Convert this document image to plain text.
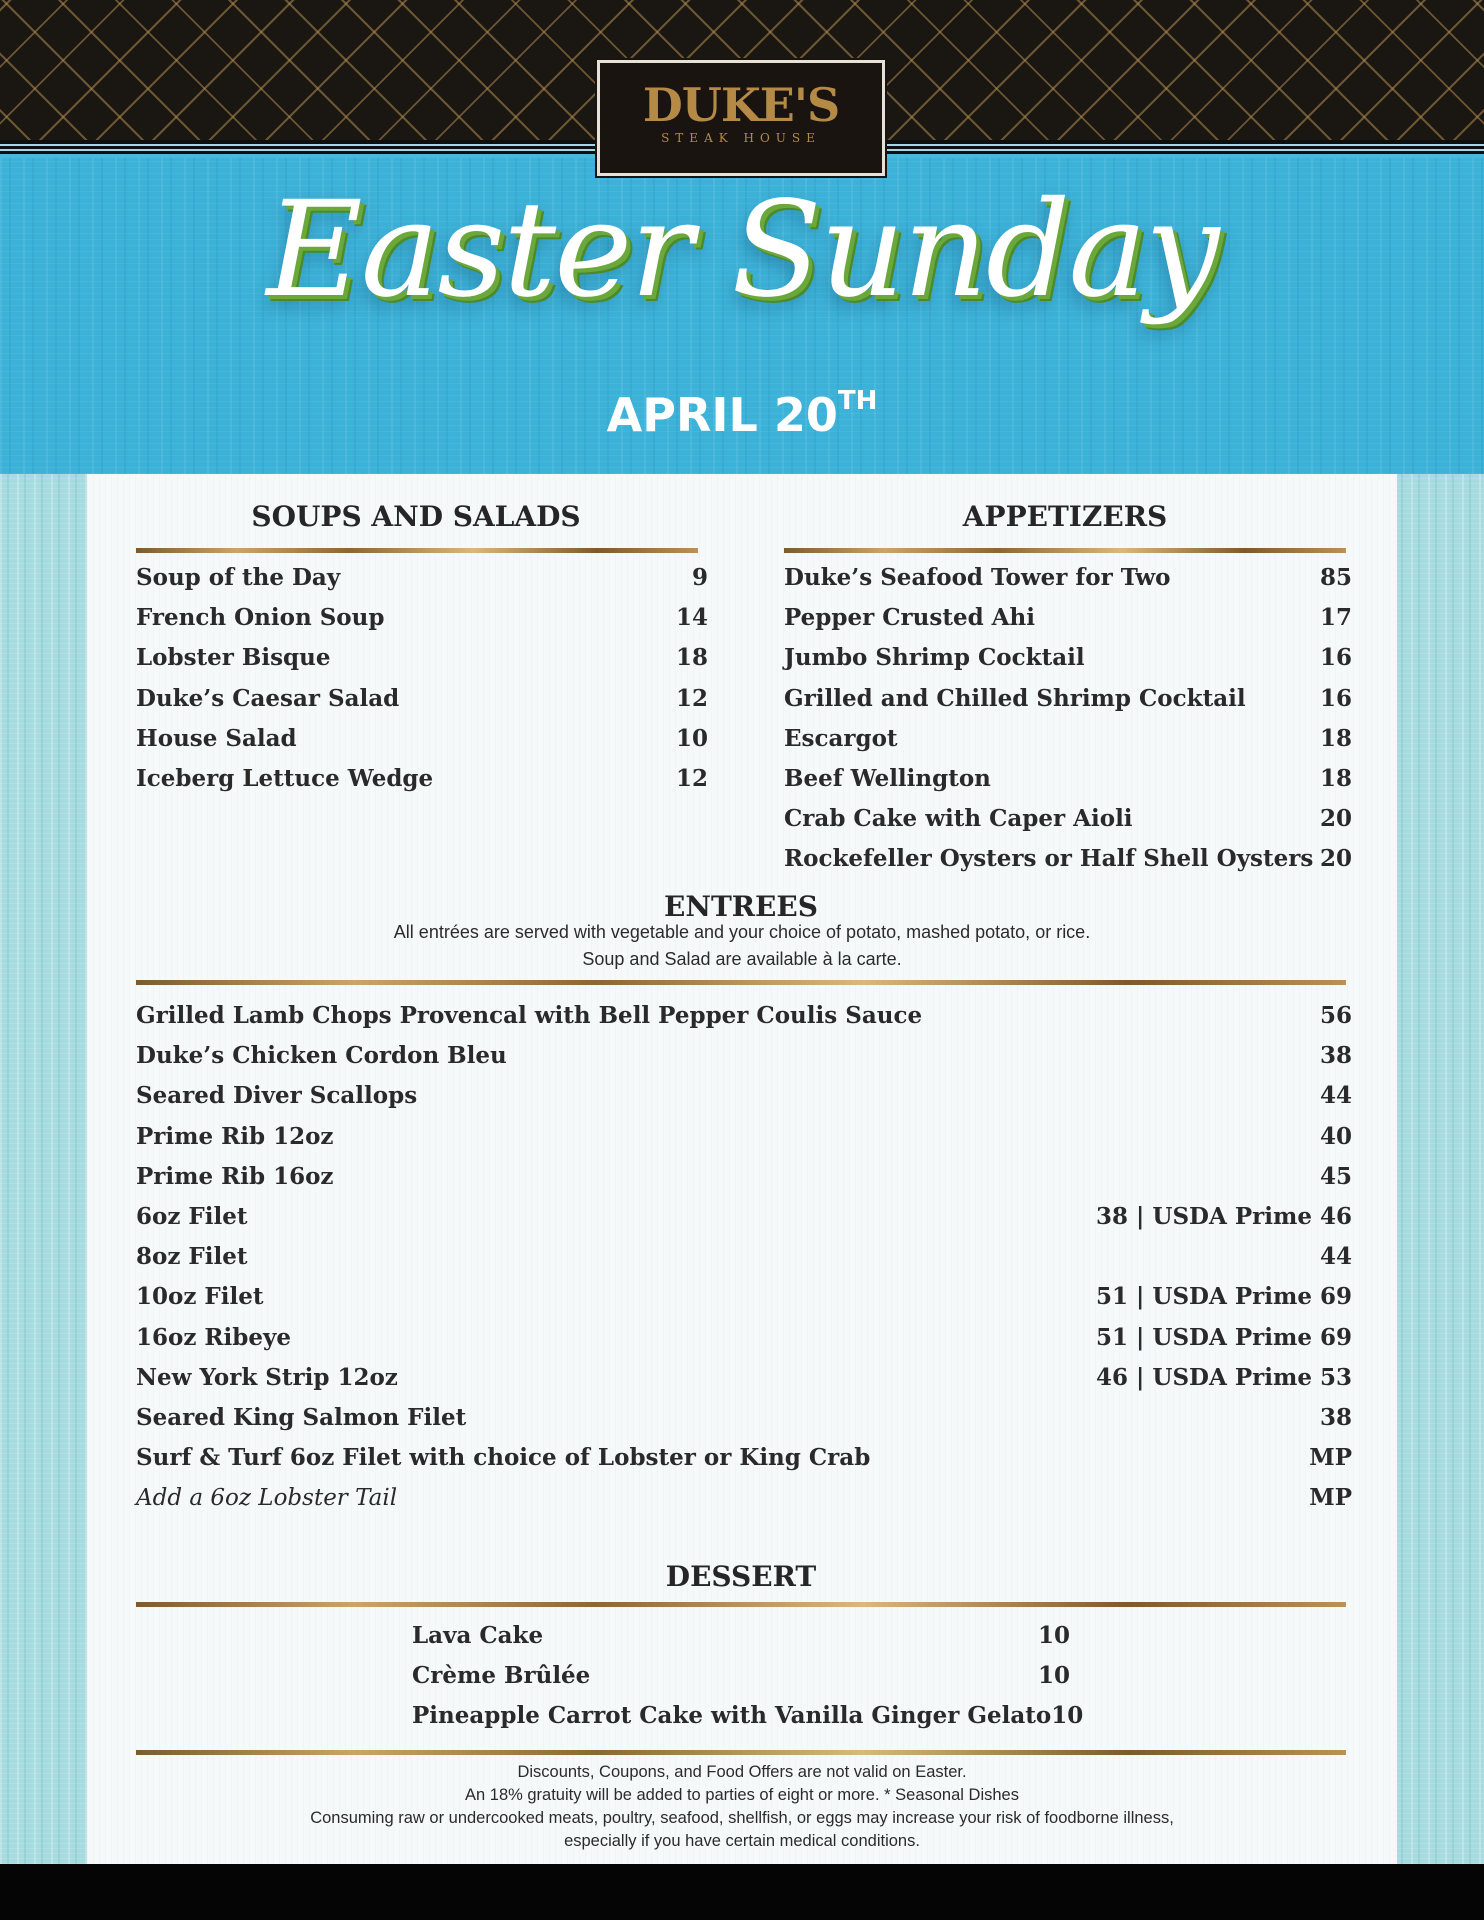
DUKE'S
STEAK HOUSE
Easter Sunday
APRIL 20TH
SOUPS AND SALADS
Soup of the Day	9
French Onion Soup	14
Lobster Bisque	18
Duke’s Caesar Salad	12
House Salad	10
Iceberg Lettuce Wedge	12
APPETIZERS
Duke’s Seafood Tower for Two	85
Pepper Crusted Ahi	17
Jumbo Shrimp Cocktail	16
Grilled and Chilled Shrimp Cocktail	16
Escargot	18
Beef Wellington	18
Crab Cake with Caper Aioli	20
Rockefeller Oysters or Half Shell Oysters 20
ENTREES
All entrées are served with vegetable and your choice of potato, mashed potato, or rice.
Soup and Salad are available à la carte.
Grilled Lamb Chops Provencal with Bell Pepper Coulis Sauce	56
Duke’s Chicken Cordon Bleu	38
Seared Diver Scallops	44
Prime Rib 12oz	40
Prime Rib 16oz	45
6oz Filet	38 | USDA Prime 46
8oz Filet	44
10oz Filet	51 | USDA Prime 69
16oz Ribeye	51 | USDA Prime 69
New York Strip 12oz	46 | USDA Prime 53
Seared King Salmon Filet	38
Surf & Turf 6oz Filet with choice of Lobster or King Crab	MP
Add a 6oz Lobster Tail	MP
DESSERT
Lava Cake	10
Crème Brûlée	10
Pineapple Carrot Cake with Vanilla Ginger Gelato 10
Discounts, Coupons, and Food Offers are not valid on Easter.
An 18% gratuity will be added to parties of eight or more. * Seasonal Dishes
Consuming raw or undercooked meats, poultry, seafood, shellfish, or eggs may increase your risk of foodborne illness,
especially if you have certain medical conditions.
